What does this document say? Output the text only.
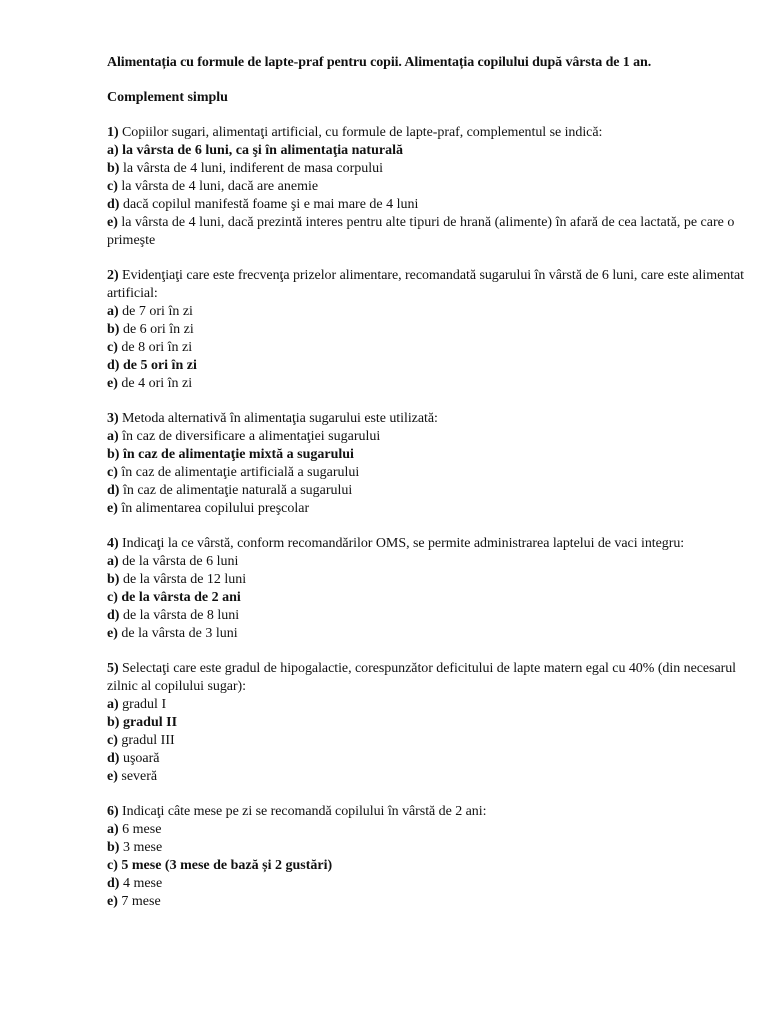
Alimentația cu formule de lapte-praf pentru copii. Alimentația copilului după vârsta de 1 an.

Complement simplu

1) Copiilor sugari, alimentaţi artificial, cu formule de lapte-praf, complementul se indică:

a) la vârsta de 6 luni, ca şi în alimentaţia naturală

b) la vârsta de 4 luni, indiferent de masa corpului

c) la vârsta de 4 luni, dacă are anemie

d) dacă copilul manifestă foame şi e mai mare de 4 luni

e) la vârsta de 4 luni, dacă prezintă interes pentru alte tipuri de hrană (alimente) în afară de cea lactată, pe care o primeşte

2) Evidenţiaţi care este frecvenţa prizelor alimentare, recomandată sugarului în vârstă de 6 luni, care este alimentat artificial:

a) de 7 ori în zi

b) de 6 ori în zi

c) de 8 ori în zi

d) de 5 ori în zi

e) de 4 ori în zi

3) Metoda alternativă în alimentaţia sugarului este utilizată:

a) în caz de diversificare a alimentaţiei sugarului

b) în caz de alimentaţie mixtă a sugarului

c) în caz de alimentaţie artificială a sugarului

d) în caz de alimentaţie naturală a sugarului

e) în alimentarea copilului preşcolar

4) Indicaţi la ce vârstă, conform recomandărilor OMS, se permite administrarea laptelui de vaci integru:

a) de la vârsta de 6 luni

b) de la vârsta de 12 luni

c) de la vârsta de 2 ani

d) de la vârsta de 8 luni

e) de la vârsta de 3 luni

5) Selectaţi care este gradul de hipogalactie, corespunzător deficitului de lapte matern egal cu 40% (din necesarul zilnic al copilului sugar):

a) gradul I

b) gradul II

c) gradul III

d) uşoară

e) severă

6) Indicaţi câte mese pe zi se recomandă copilului în vârstă de 2 ani:

a) 6 mese

b) 3 mese

c) 5 mese (3 mese de bază și 2 gustări)

d) 4 mese

e) 7 mese
